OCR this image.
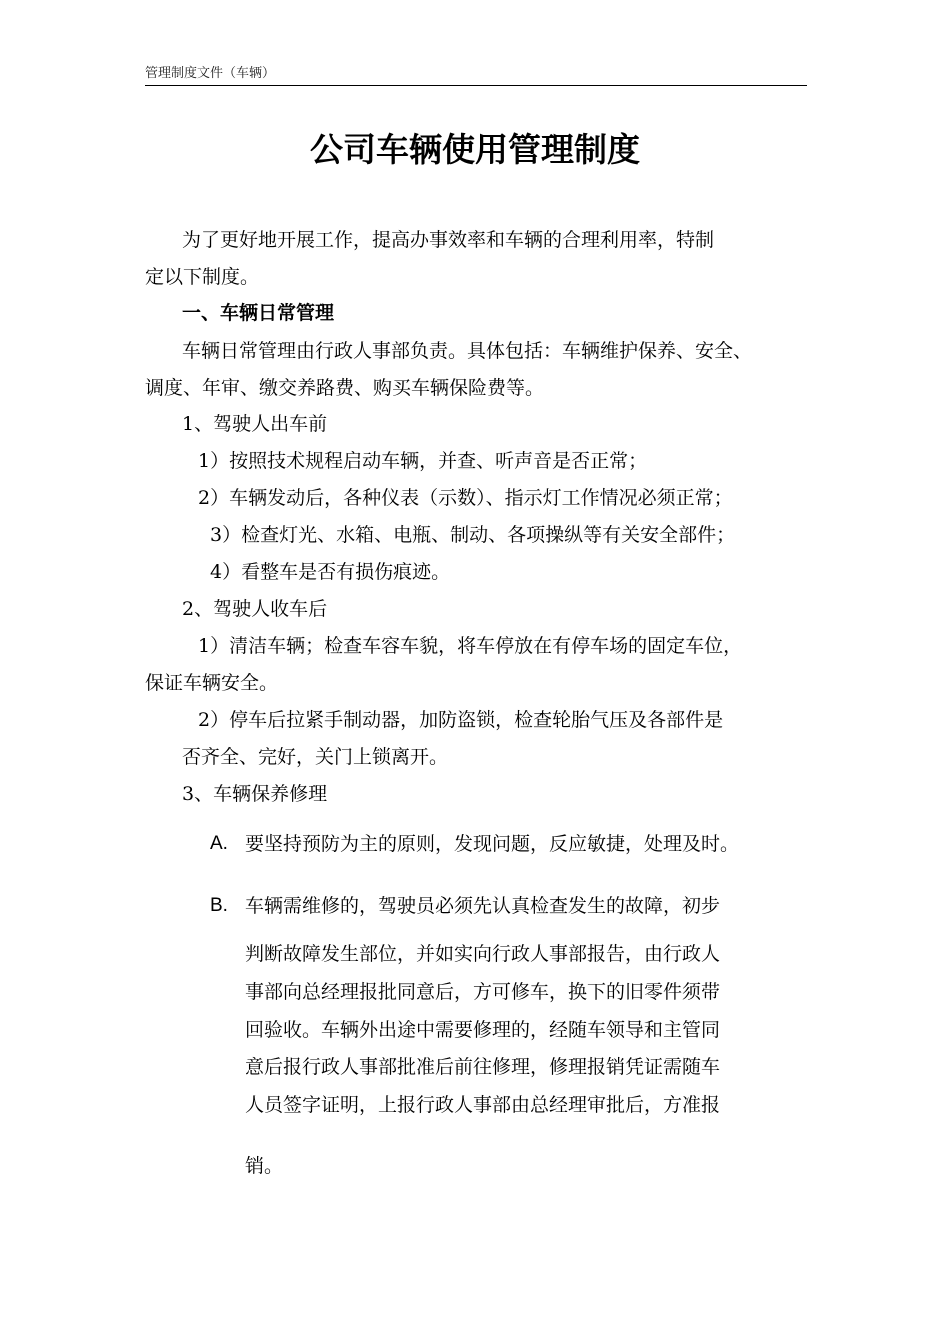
管理制度文件（车辆）
公司车辆使用管理制度
为了更好地开展工作，提高办事效率和车辆的合理利用率，特制
定以下制度。
一、车辆日常管理
车辆日常管理由行政人事部负责。具体包括：车辆维护保养、安全、
调度、年审、缴交养路费、购买车辆保险费等。
1、驾驶人出车前
1）按照技术规程启动车辆，并查、听声音是否正常；
2）车辆发动后，各种仪表（示数）、指示灯工作情况必须正常；
3）检查灯光、水箱、电瓶、制动、各项操纵等有关安全部件；
4）看整车是否有损伤痕迹。
2、驾驶人收车后
1）清洁车辆；检查车容车貌，将车停放在有停车场的固定车位，
保证车辆安全。
2）停车后拉紧手制动器，加防盗锁，检查轮胎气压及各部件是
否齐全、完好，关门上锁离开。
3、车辆保养修理
A. 要坚持预防为主的原则，发现问题，反应敏捷，处理及时。
B. 车辆需维修的，驾驶员必须先认真检查发生的故障，初步
判断故障发生部位，并如实向行政人事部报告，由行政人
事部向总经理报批同意后，方可修车，换下的旧零件须带
回验收。车辆外出途中需要修理的，经随车领导和主管同
意后报行政人事部批准后前往修理，修理报销凭证需随车
人员签字证明，上报行政人事部由总经理审批后，方准报
销。
